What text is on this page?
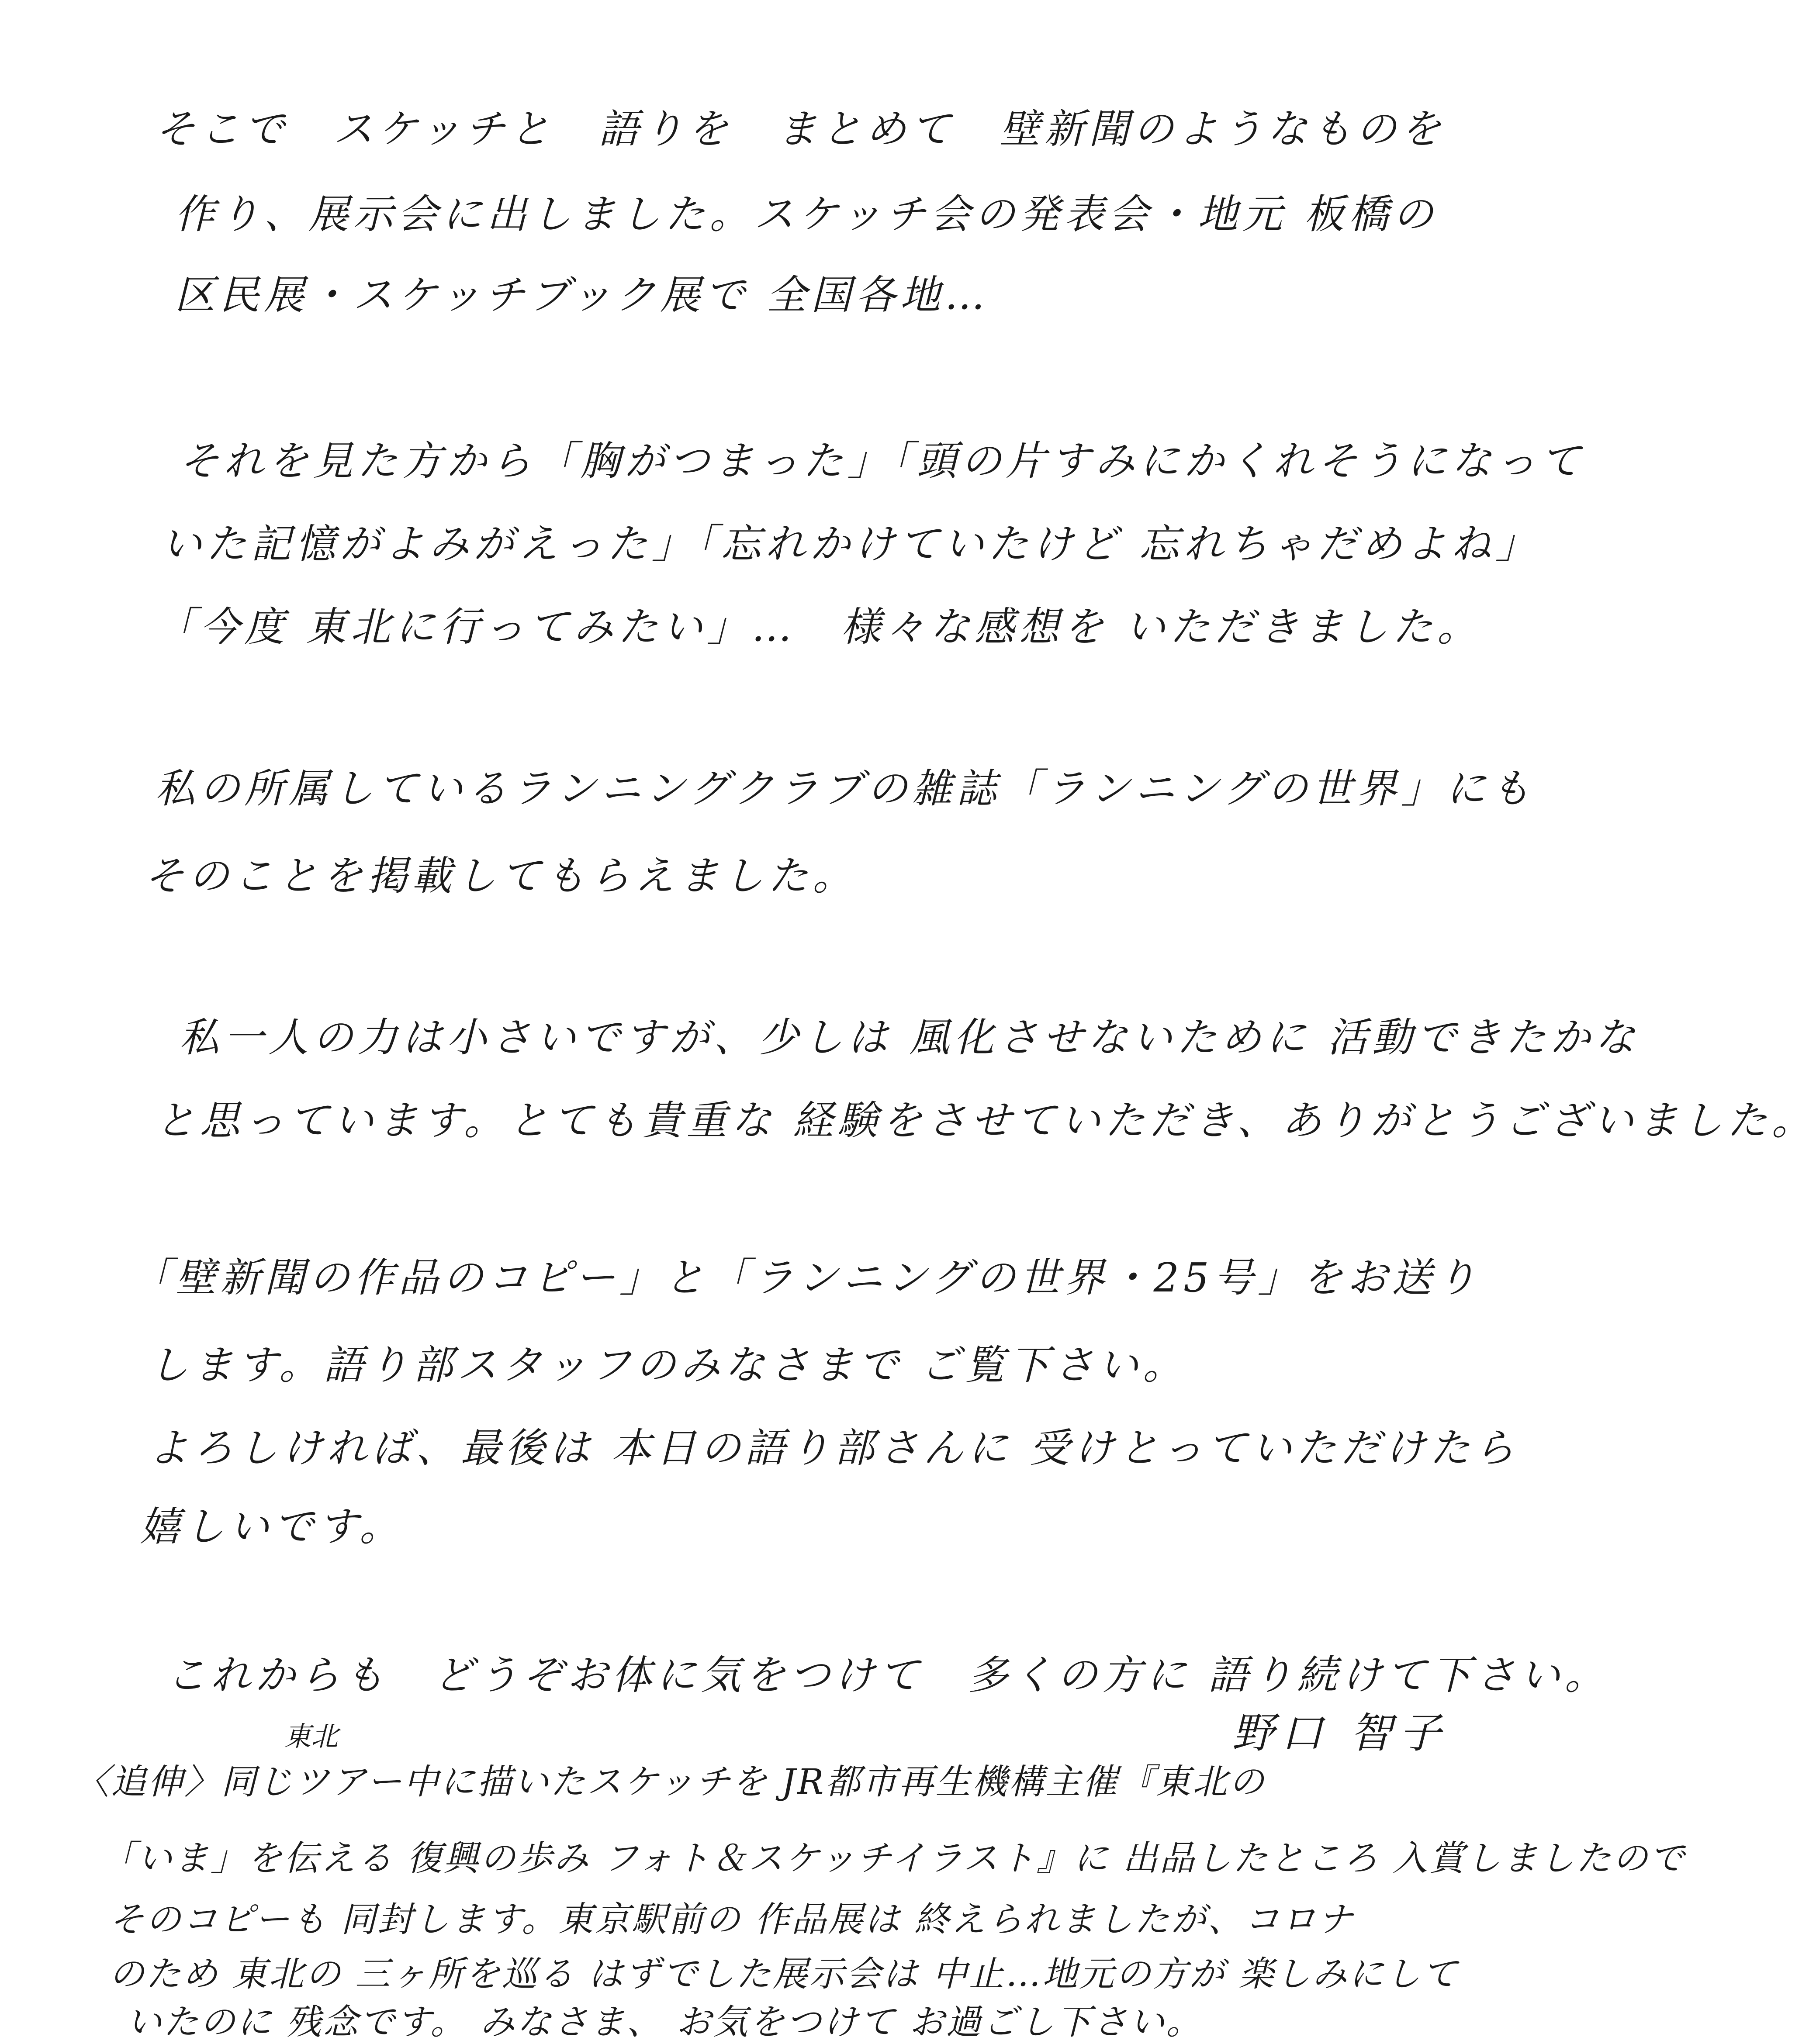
そこで　スケッチと　語りを　まとめて　壁新聞のようなものを
作り、展示会に出しました。スケッチ会の発表会・地元 板橋の
区民展・スケッチブック展で 全国各地…
それを見た方から「胸がつまった」「頭の片すみにかくれそうになって
いた記憶がよみがえった」「忘れかけていたけど 忘れちゃだめよね」
「今度 東北に行ってみたい」…　様々な感想を いただきました。
私の所属しているランニングクラブの雑誌「ランニングの世界」にも
そのことを掲載してもらえました。
私一人の力は小さいですが、少しは 風化させないために 活動できたかな
と思っています。とても貴重な 経験をさせていただき、ありがとうございました。
「壁新聞の作品のコピー」と「ランニングの世界・25号」をお送り
します。語り部スタッフのみなさまで ご覧下さい。
よろしければ、最後は 本日の語り部さんに 受けとっていただけたら
嬉しいです。
これからも　どうぞお体に気をつけて　多くの方に 語り続けて下さい。
野口 智子
東北
〈追伸〉同じツアー中に描いたスケッチを JR都市再生機構主催『東北の
「いま」を伝える 復興の歩み フォト＆スケッチイラスト』に 出品したところ 入賞しましたので
そのコピーも 同封します。東京駅前の 作品展は 終えられましたが、コロナ
のため 東北の 三ヶ所を巡る はずでした展示会は 中止…地元の方が 楽しみにして
いたのに 残念です。 みなさま、 お気をつけて お過ごし下さい。
